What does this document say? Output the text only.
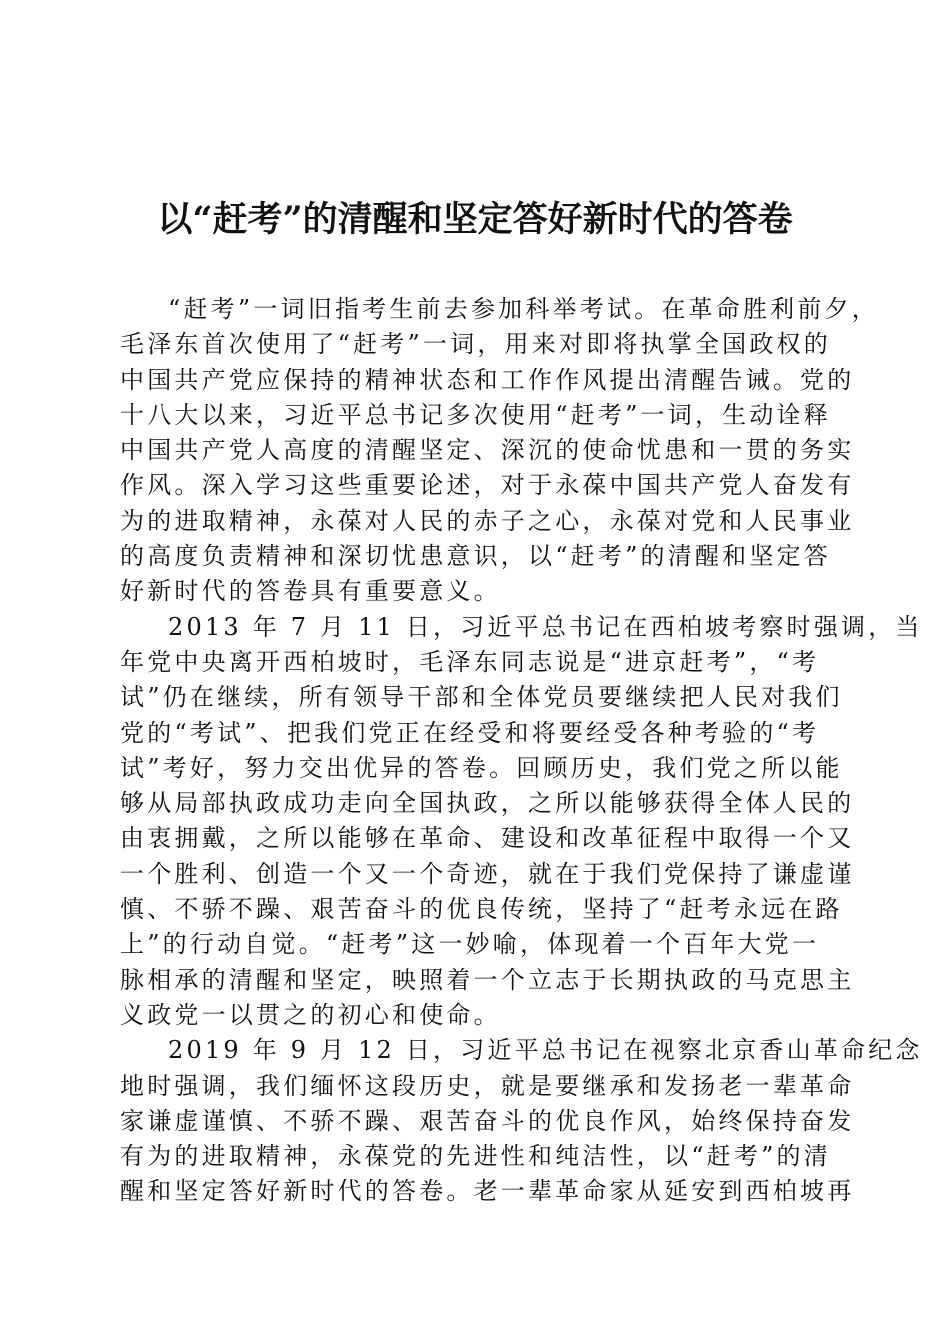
以“赶考”的清醒和坚定答好新时代的答卷

“赶考”一词旧指考生前去参加科举考试。在革命胜利前夕，
毛泽东首次使用了“赶考”一词，用来对即将执掌全国政权的
中国共产党应保持的精神状态和工作作风提出清醒告诫。党的
十八大以来，习近平总书记多次使用“赶考”一词，生动诠释
中国共产党人高度的清醒坚定、深沉的使命忧患和一贯的务实
作风。深入学习这些重要论述，对于永葆中国共产党人奋发有
为的进取精神，永葆对人民的赤子之心，永葆对党和人民事业
的高度负责精神和深切忧患意识，以“赶考”的清醒和坚定答
好新时代的答卷具有重要意义。

2013 年 7 月 11 日，习近平总书记在西柏坡考察时强调，当
年党中央离开西柏坡时，毛泽东同志说是“进京赶考”，“考
试”仍在继续，所有领导干部和全体党员要继续把人民对我们
党的“考试”、把我们党正在经受和将要经受各种考验的“考
试”考好，努力交出优异的答卷。回顾历史，我们党之所以能
够从局部执政成功走向全国执政，之所以能够获得全体人民的
由衷拥戴，之所以能够在革命、建设和改革征程中取得一个又
一个胜利、创造一个又一个奇迹，就在于我们党保持了谦虚谨
慎、不骄不躁、艰苦奋斗的优良传统，坚持了“赶考永远在路
上”的行动自觉。“赶考”这一妙喻，体现着一个百年大党一
脉相承的清醒和坚定，映照着一个立志于长期执政的马克思主
义政党一以贯之的初心和使命。

2019 年 9 月 12 日，习近平总书记在视察北京香山革命纪念
地时强调，我们缅怀这段历史，就是要继承和发扬老一辈革命
家谦虚谨慎、不骄不躁、艰苦奋斗的优良作风，始终保持奋发
有为的进取精神，永葆党的先进性和纯洁性，以“赶考”的清
醒和坚定答好新时代的答卷。老一辈革命家从延安到西柏坡再
